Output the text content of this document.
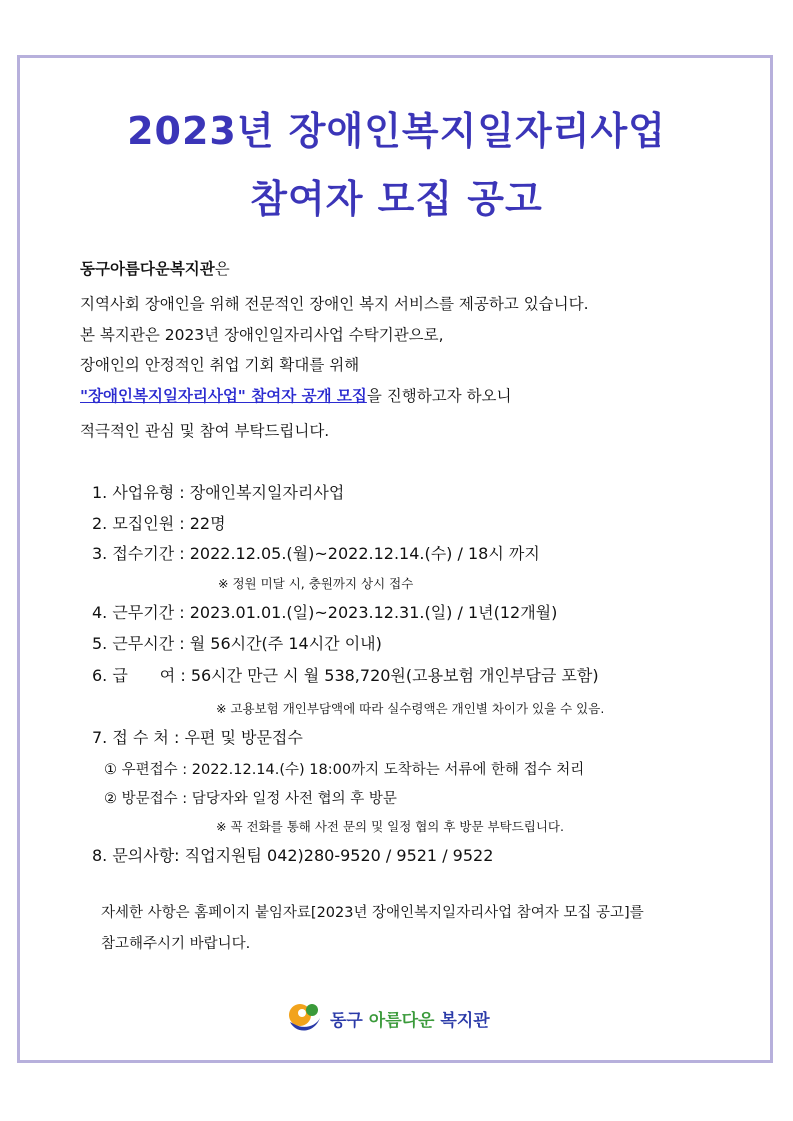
2023년 장애인복지일자리사업
참여자 모집 공고
동구아름다운복지관은
지역사회 장애인을 위해 전문적인 장애인 복지 서비스를 제공하고 있습니다.
본 복지관은 2023년 장애인일자리사업 수탁기관으로,
장애인의 안정적인 취업 기회 확대를 위해
"장애인복지일자리사업" 참여자 공개 모집을 진행하고자 하오니
적극적인 관심 및 참여 부탁드립니다.
1. 사업유형 : 장애인복지일자리사업
2. 모집인원 : 22명
3. 접수기간 : 2022.12.05.(월)~2022.12.14.(수) / 18시 까지
※ 정원 미달 시, 충원까지 상시 접수
4. 근무기간 : 2023.01.01.(일)~2023.12.31.(일) / 1년(12개월)
5. 근무시간 : 월 56시간(주 14시간 이내)
6. 급　　여 : 56시간 만근 시 월 538,720원(고용보험 개인부담금 포함)
※ 고용보험 개인부담액에 따라 실수령액은 개인별 차이가 있을 수 있음.
7. 접 수 처 : 우편 및 방문접수
① 우편접수 : 2022.12.14.(수) 18:00까지 도착하는 서류에 한해 접수 처리
② 방문접수 : 담당자와 일정 사전 협의 후 방문
※ 꼭 전화를 통해 사전 문의 및 일정 협의 후 방문 부탁드립니다.
8. 문의사항: 직업지원팀 042)280-9520 / 9521 / 9522
자세한 사항은 홈페이지 붙임자료[2023년 장애인복지일자리사업 참여자 모집 공고]를
참고해주시기 바랍니다.
동구 아름다운 복지관
